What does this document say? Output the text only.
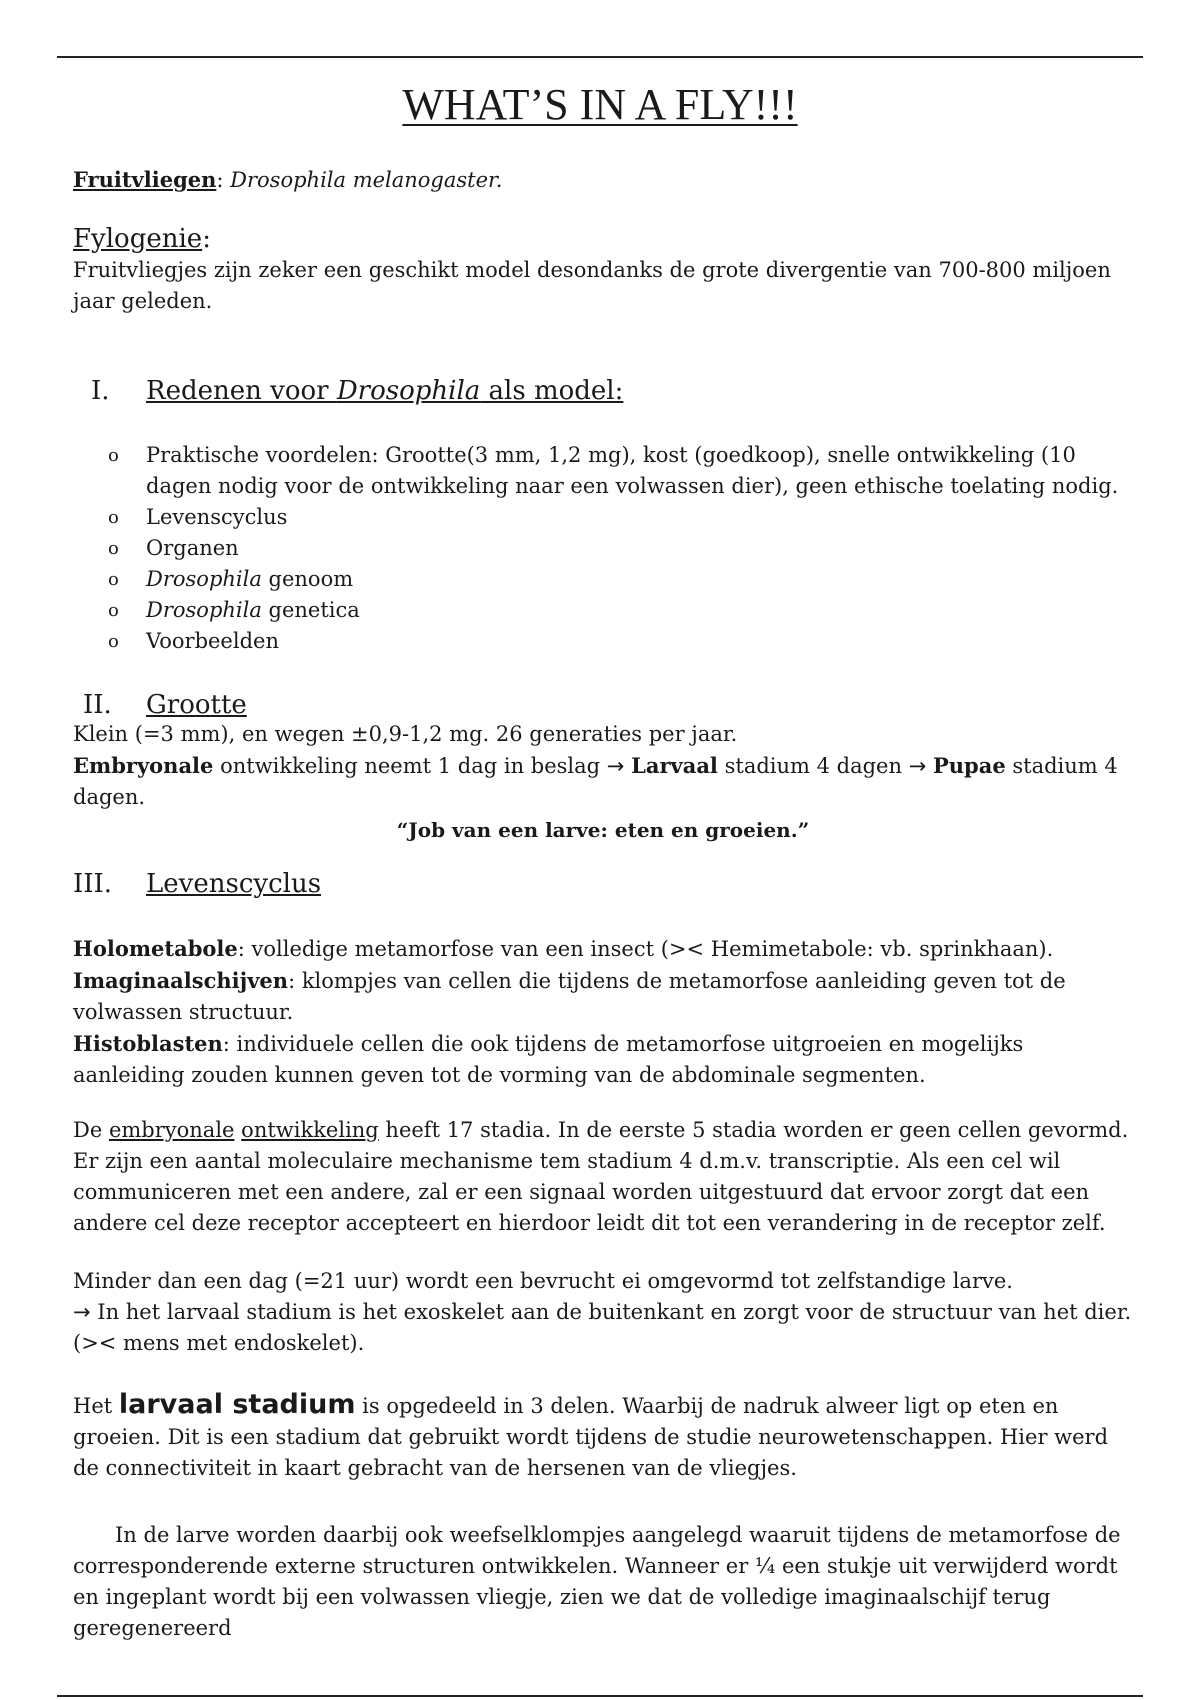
WHAT’S IN A FLY!!!

Fruitvliegen: Drosophila melanogaster.

Fylogenie:

Fruitvliegjes zijn zeker een geschikt model desondanks de grote divergentie van 700-800 miljoen jaar geleden.

I. Redenen voor Drosophila als model:
o Praktische voordelen: Grootte(3 mm, 1,2 mg), kost (goedkoop), snelle ontwikkeling (10 dagen nodig voor de ontwikkeling naar een volwassen dier), geen ethische toelating nodig.
o Levenscyclus
o Organen
o Drosophila genoom
o Drosophila genetica
o Voorbeelden
II. Grootte

Klein (=3 mm), en wegen ±0,9-1,2 mg. 26 generaties per jaar.

Embryonale ontwikkeling neemt 1 dag in beslag → Larvaal stadium 4 dagen → Pupae stadium 4 dagen.

“Job van een larve: eten en groeien.”

III. Levenscyclus

Holometabole: volledige metamorfose van een insect (>< Hemimetabole: vb. sprinkhaan).

Imaginaalschijven: klompjes van cellen die tijdens de metamorfose aanleiding geven tot de volwassen structuur.

Histoblasten: individuele cellen die ook tijdens de metamorfose uitgroeien en mogelijks aanleiding zouden kunnen geven tot de vorming van de abdominale segmenten.

De embryonale ontwikkeling heeft 17 stadia. In de eerste 5 stadia worden er geen cellen gevormd. Er zijn een aantal moleculaire mechanisme tem stadium 4 d.m.v. transcriptie. Als een cel wil communiceren met een andere, zal er een signaal worden uitgestuurd dat ervoor zorgt dat een andere cel deze receptor accepteert en hierdoor leidt dit tot een verandering in de receptor zelf.

Minder dan een dag (=21 uur) wordt een bevrucht ei omgevormd tot zelfstandige larve.

→ In het larvaal stadium is het exoskelet aan de buitenkant en zorgt voor de structuur van het dier.

(>< mens met endoskelet).

Het larvaal stadium is opgedeeld in 3 delen. Waarbij de nadruk alweer ligt op eten en groeien. Dit is een stadium dat gebruikt wordt tijdens de studie neurowetenschappen. Hier werd de connectiviteit in kaart gebracht van de hersenen van de vliegjes.

In de larve worden daarbij ook weefselklompjes aangelegd waaruit tijdens de metamorfose de corresponderende externe structuren ontwikkelen. Wanneer er ¼ een stukje uit verwijderd wordt en ingeplant wordt bij een volwassen vliegje, zien we dat de volledige imaginaalschijf terug geregenereerd
